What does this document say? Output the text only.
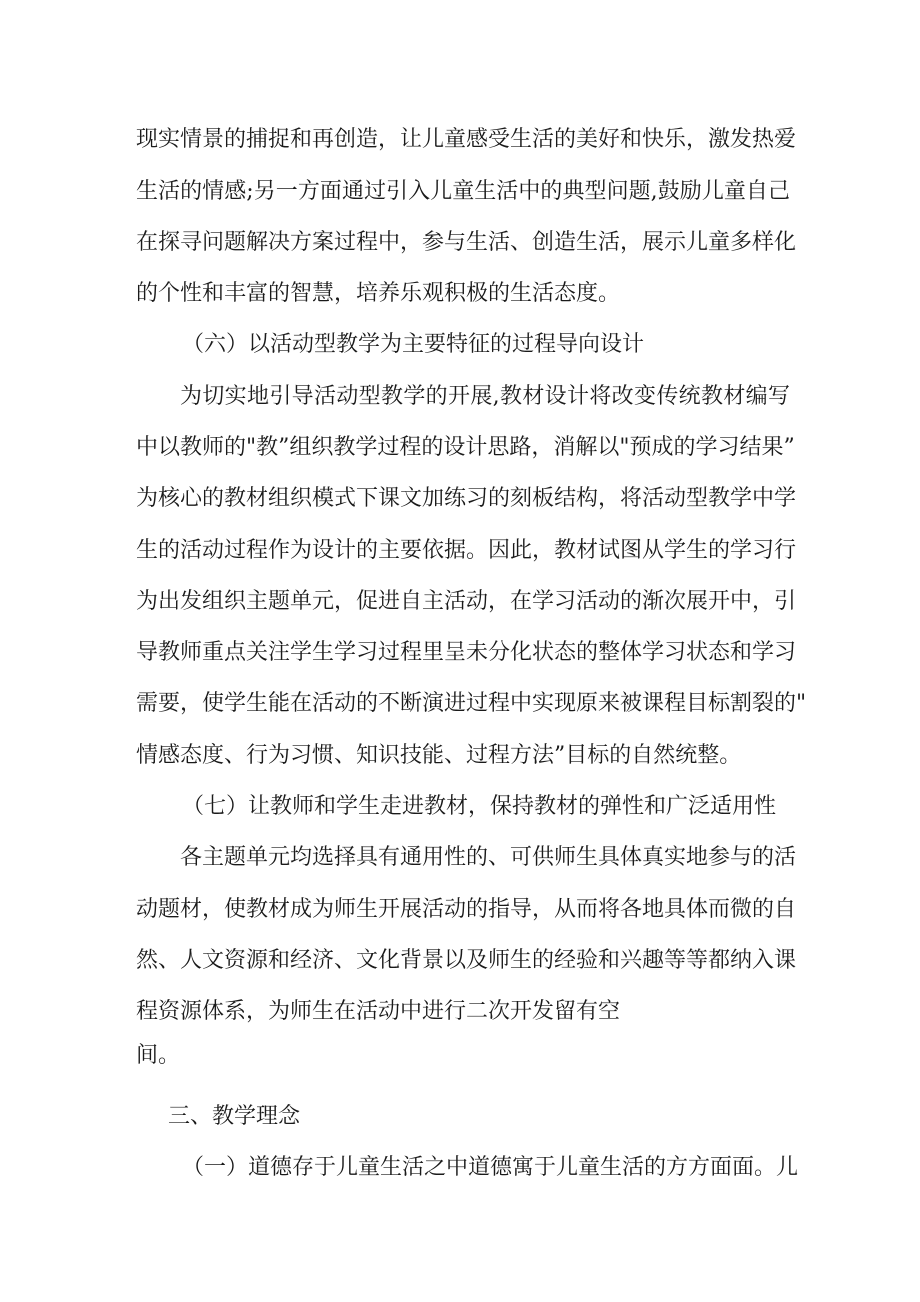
现实情景的捕捉和再创造，让儿童感受生活的美好和快乐，激发热爱
生活的情感;另一方面通过引入儿童生活中的典型问题,鼓励儿童自己
在探寻问题解决方案过程中，参与生活、创造生活，展示儿童多样化
的个性和丰富的智慧，培养乐观积极的生活态度。
（六）以活动型教学为主要特征的过程导向设计
为切实地引导活动型教学的开展,教材设计将改变传统教材编写
中以教师的"教”组织教学过程的设计思路，消解以"预成的学习结果”
为核心的教材组织模式下课文加练习的刻板结构，将活动型教学中学
生的活动过程作为设计的主要依据。因此，教材试图从学生的学习行
为出发组织主题单元，促进自主活动，在学习活动的渐次展开中，引
导教师重点关注学生学习过程里呈未分化状态的整体学习状态和学习
需要，使学生能在活动的不断演进过程中实现原来被课程目标割裂的"
情感态度、行为习惯、知识技能、过程方法”目标的自然统整。
（七）让教师和学生走进教材，保持教材的弹性和广泛适用性
各主题单元均选择具有通用性的、可供师生具体真实地参与的活
动题材，使教材成为师生开展活动的指导，从而将各地具体而微的自
然、人文资源和经济、文化背景以及师生的经验和兴趣等等都纳入课
程资源体系，为师生在活动中进行二次开发留有空
间。
三、教学理念
（一）道德存于儿童生活之中道德寓于儿童生活的方方面面。儿
